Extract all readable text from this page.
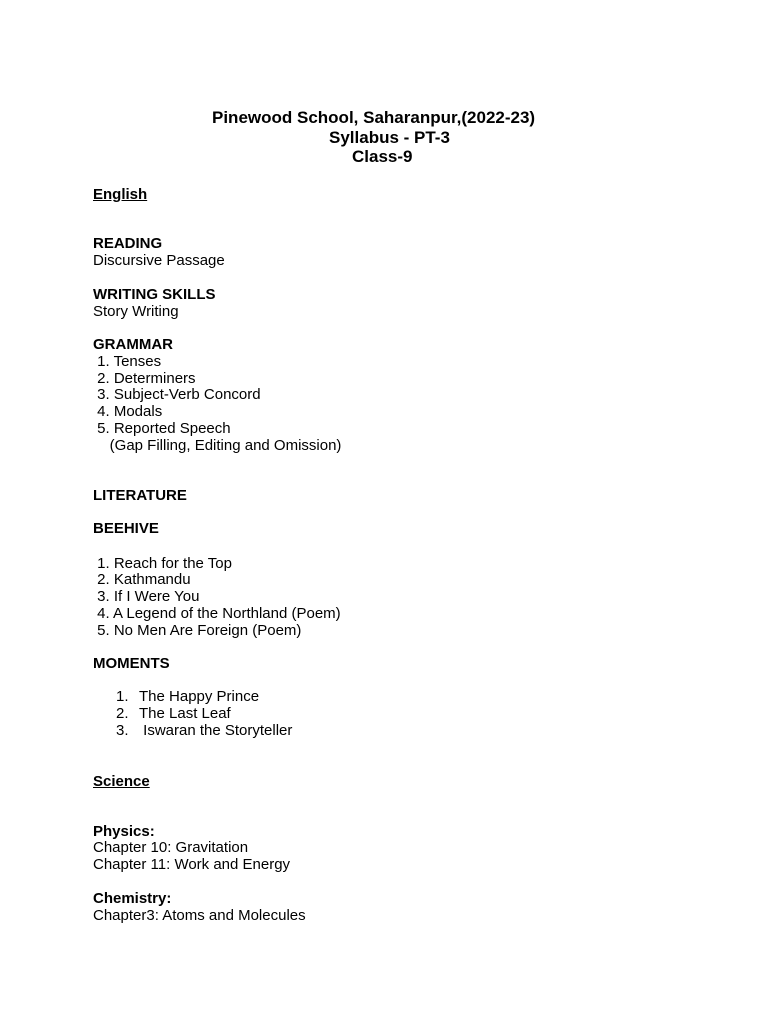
Pinewood School, Saharanpur,(2022-23)

Syllabus - PT-3

Class-9

English

READING

Discursive Passage

WRITING SKILLS

Story Writing

GRAMMAR

1. Tenses

2. Determiners

3. Subject-Verb Concord

4. Modals

5. Reported Speech

(Gap Filling, Editing and Omission)

LITERATURE

BEEHIVE

1. Reach for the Top

2. Kathmandu

3. If I Were You

4. A Legend of the Northland (Poem)

5. No Men Are Foreign (Poem)

MOMENTS

1. The Happy Prince

2. The Last Leaf

3. Iswaran the Storyteller

Science

Physics:

Chapter 10: Gravitation

Chapter 11: Work and Energy

Chemistry:

Chapter3: Atoms and Molecules
